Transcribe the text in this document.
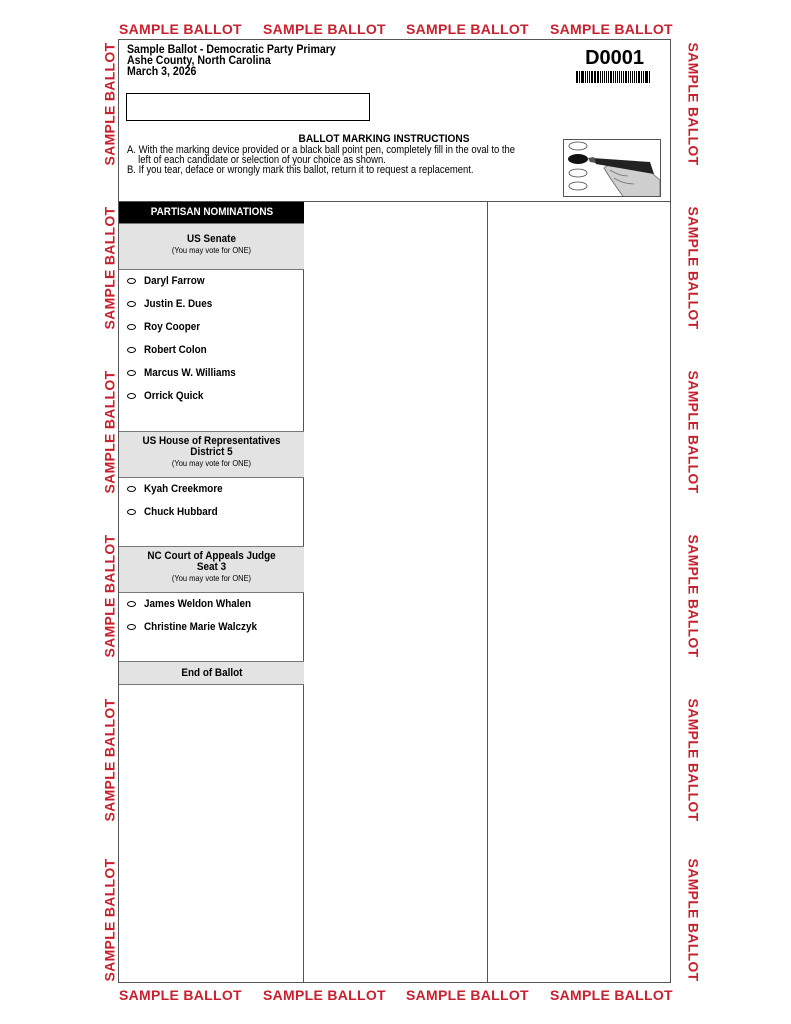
SAMPLE BALLOT SAMPLE BALLOT SAMPLE BALLOT SAMPLE BALLOT
SAMPLE BALLOT SAMPLE BALLOT SAMPLE BALLOT SAMPLE BALLOT
SAMPLE BALLOT
SAMPLE BALLOT
SAMPLE BALLOT
SAMPLE BALLOT
SAMPLE BALLOT
SAMPLE BALLOT
SAMPLE BALLOT
SAMPLE BALLOT
SAMPLE BALLOT
SAMPLE BALLOT
SAMPLE BALLOT
SAMPLE BALLOT
Sample Ballot - Democratic Party Primary
Ashe County, North Carolina
March 3, 2026
D0001
BALLOT MARKING INSTRUCTIONS
A. With the marking device provided or a black ball point pen, completely fill in the oval to the
left of each candidate or selection of your choice as shown.
B. If you tear, deface or wrongly mark this ballot, return it to request a replacement.
PARTISAN NOMINATIONS
US Senate
(You may vote for ONE)
Daryl Farrow
Justin E. Dues
Roy Cooper
Robert Colon
Marcus W. Williams
Orrick Quick
US House of Representatives
District 5
(You may vote for ONE)
Kyah Creekmore
Chuck Hubbard
NC Court of Appeals Judge
Seat 3
(You may vote for ONE)
James Weldon Whalen
Christine Marie Walczyk
End of Ballot
